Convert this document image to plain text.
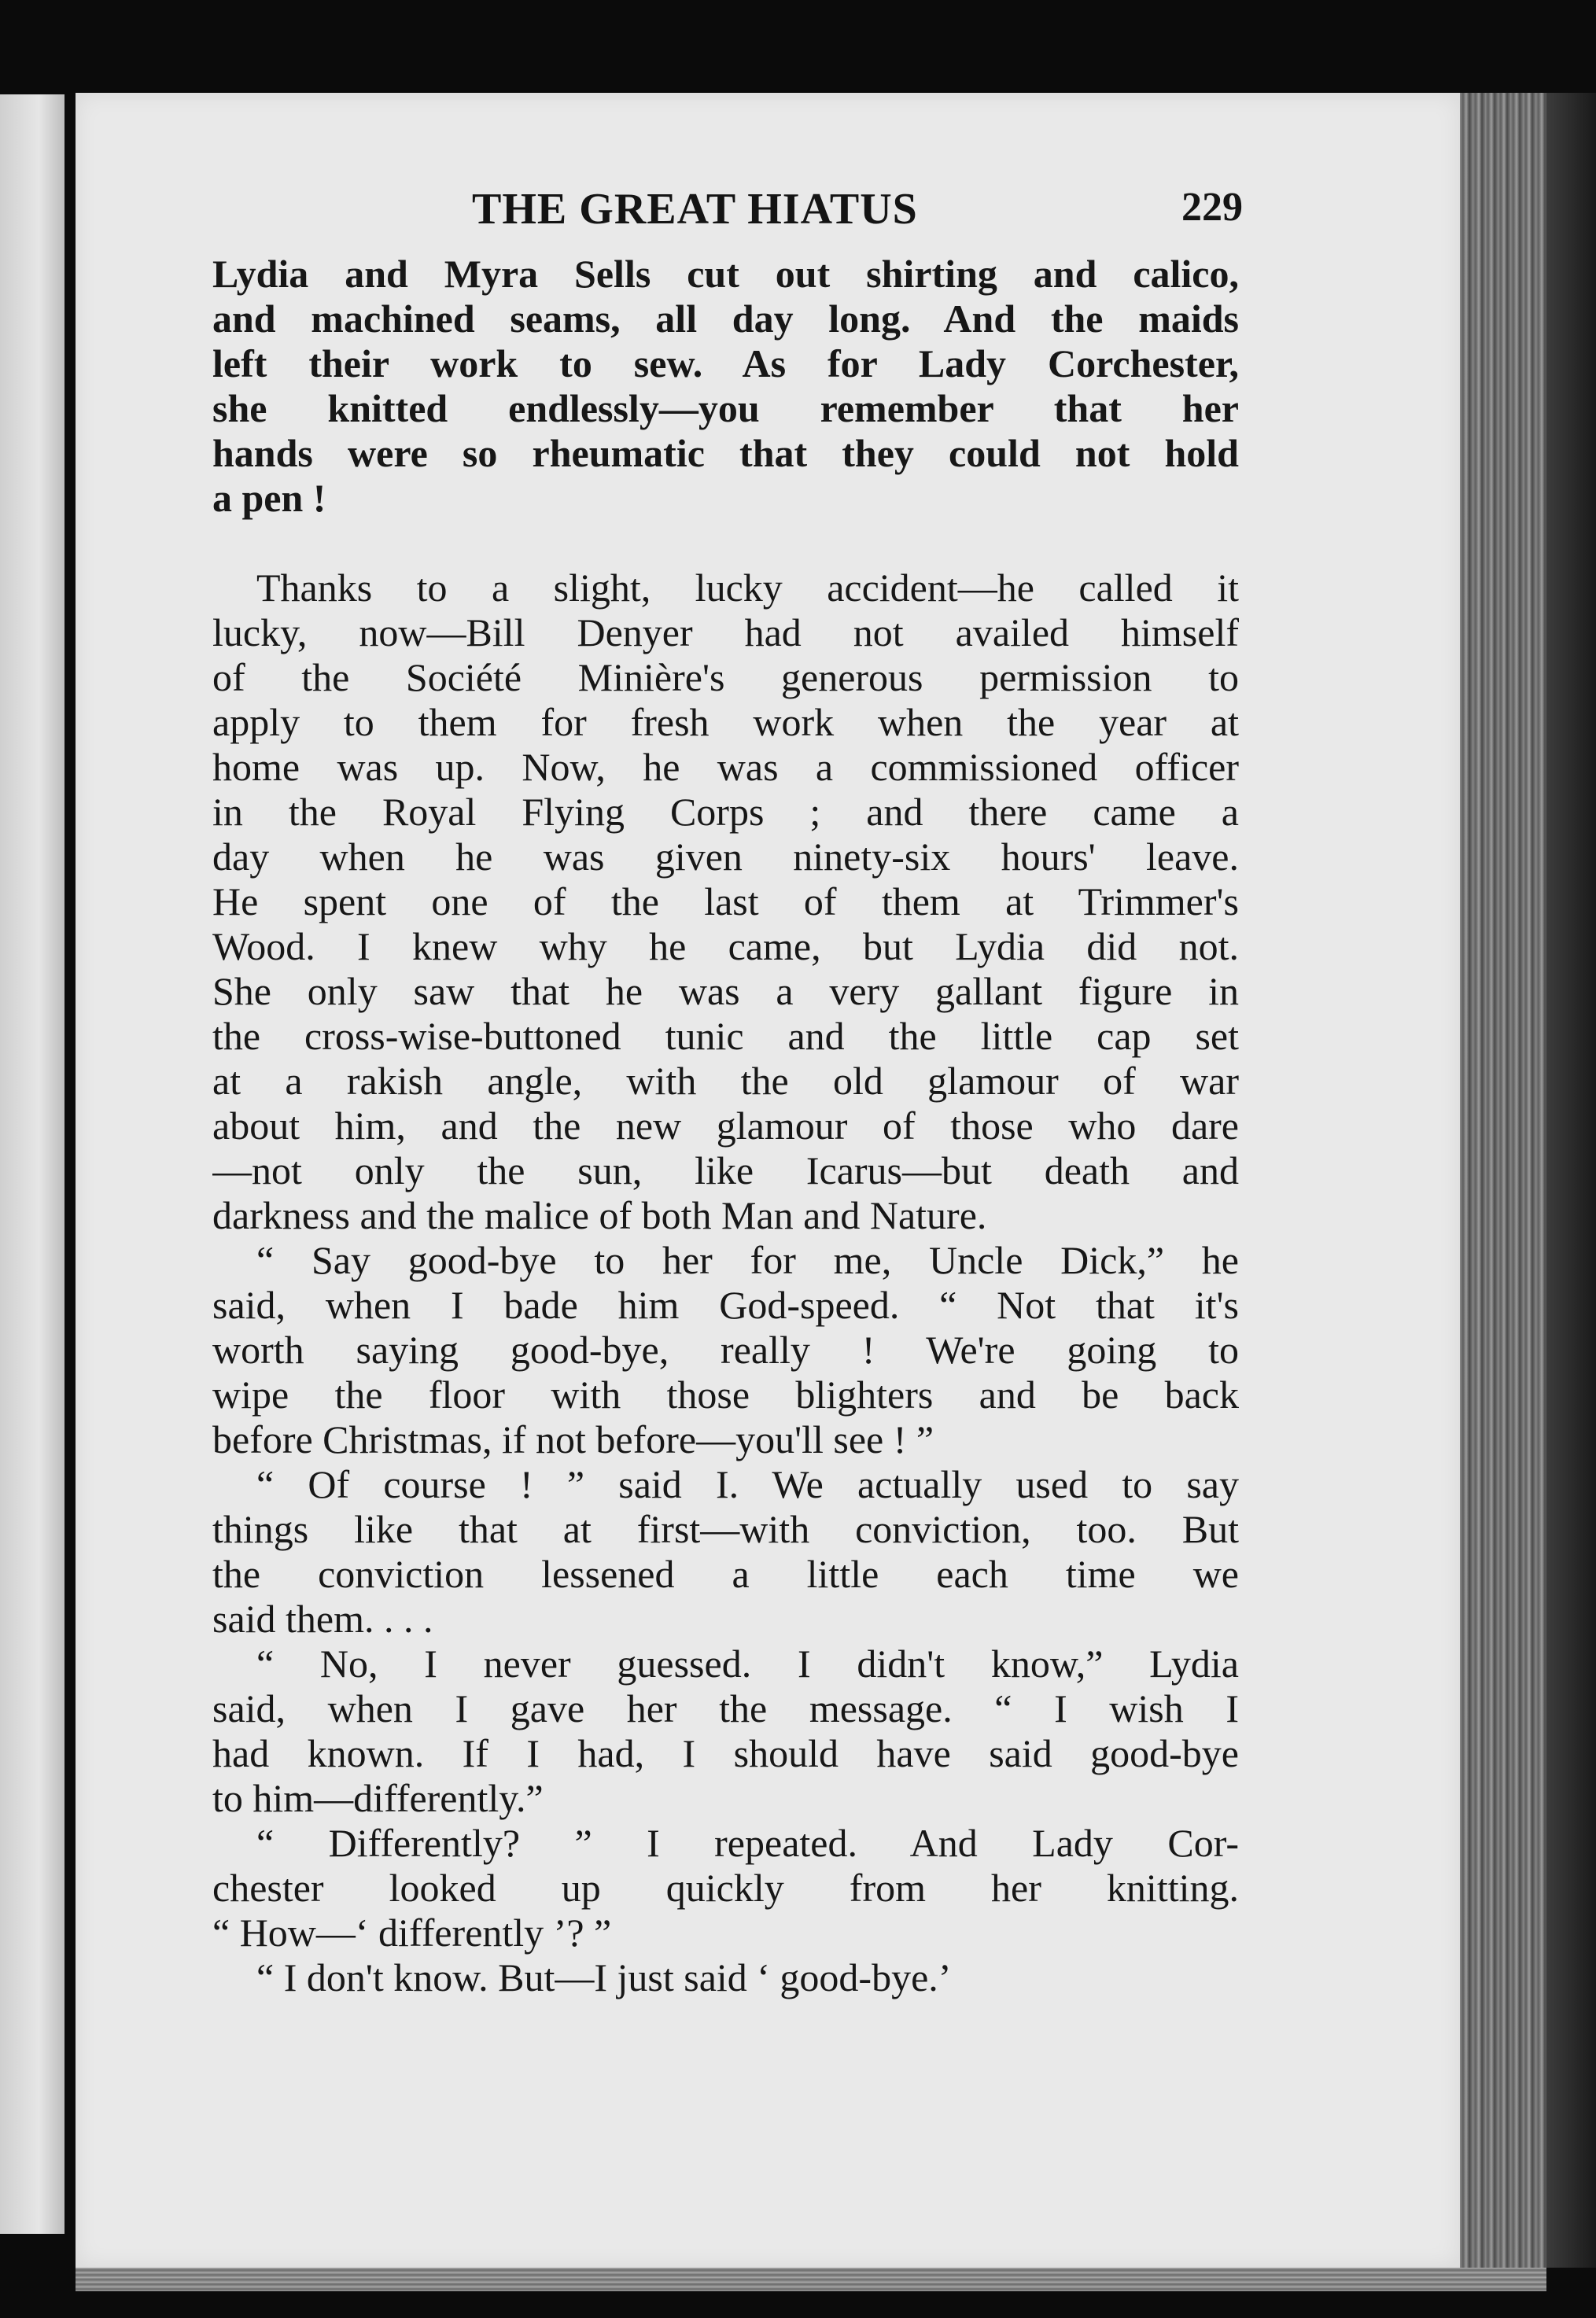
THE GREAT HIATUS	229
Lydia and Myra Sells cut out shirting and calico,
and machined seams, all day long. And the maids
left their work to sew. As for Lady Corchester,
she knitted endlessly—you remember that her
hands were so rheumatic that they could not hold
a pen !
Thanks to a slight, lucky accident—he called it
lucky, now—Bill Denyer had not availed himself
of the Société Minière's generous permission to
apply to them for fresh work when the year at
home was up. Now, he was a commissioned officer
in the Royal Flying Corps ; and there came a
day when he was given ninety-six hours' leave.
He spent one of the last of them at Trimmer's
Wood. I knew why he came, but Lydia did not.
She only saw that he was a very gallant figure in
the cross-wise-buttoned tunic and the little cap set
at a rakish angle, with the old glamour of war
about him, and the new glamour of those who dare
—not only the sun, like Icarus—but death and
darkness and the malice of both Man and Nature.
“ Say good-bye to her for me, Uncle Dick,” he
said, when I bade him God-speed. “ Not that it's
worth saying good-bye, really ! We're going to
wipe the floor with those blighters and be back
before Christmas, if not before—you'll see ! ”
“ Of course ! ” said I. We actually used to say
things like that at first—with conviction, too. But
the conviction lessened a little each time we
said them. . . .
“ No, I never guessed. I didn't know,” Lydia
said, when I gave her the message. “ I wish I
had known. If I had, I should have said good-bye
to him—differently.”
“ Differently? ” I repeated. And Lady Cor-
chester looked up quickly from her knitting.
“ How—‘ differently ’? ”
“ I don't know. But—I just said ‘ good-bye.’
